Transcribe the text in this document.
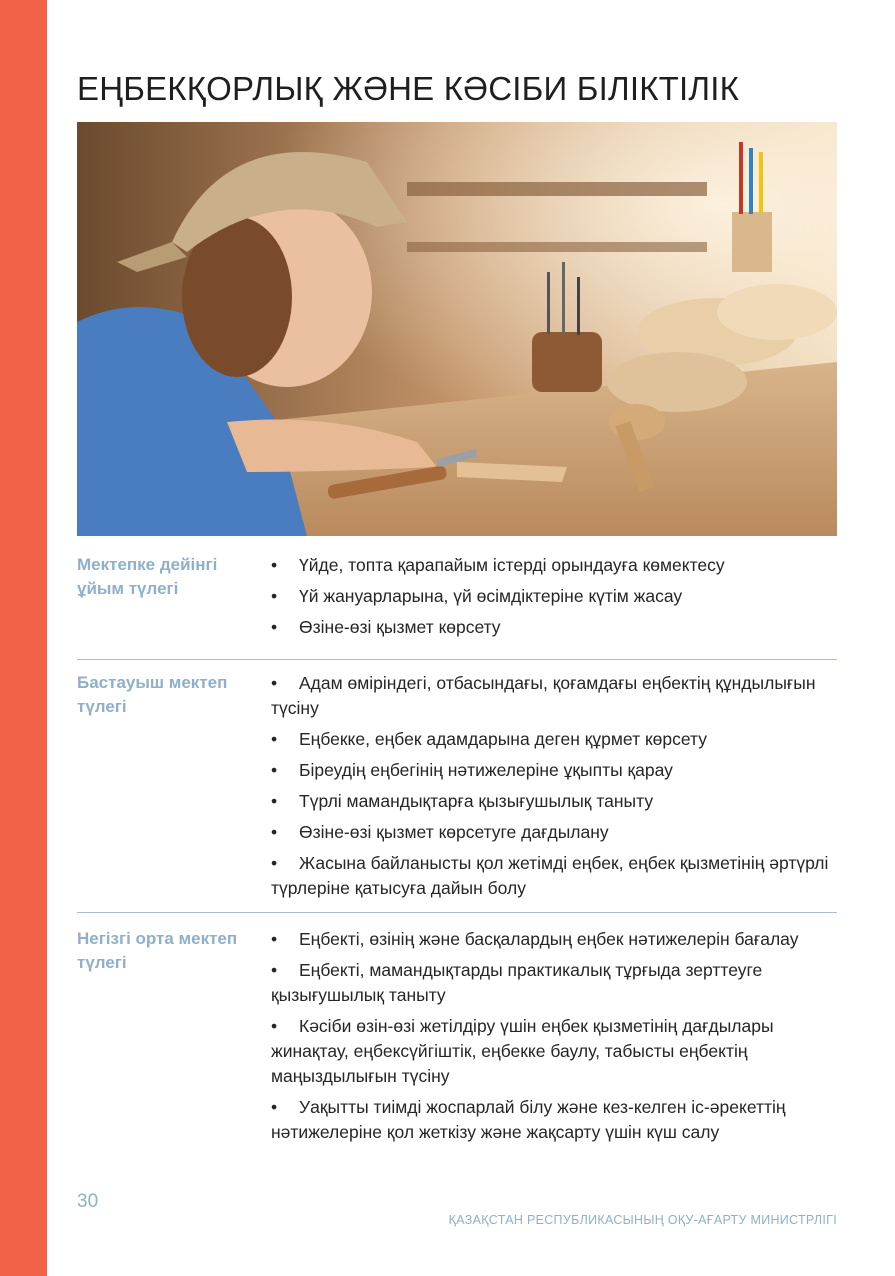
ЕҢБЕКҚОРЛЫҚ ЖӘНЕ КӘСІБИ БІЛІКТІЛІК
Мектепке дейінгі ұйым түлегі
• Үйде, топта қарапайым істерді орындауға көмектесу
• Үй жануарларына, үй өсімдіктеріне күтім жасау
• Өзіне-өзі қызмет көрсету
Бастауыш мектеп түлегі
• Адам өміріндегі, отбасындағы, қоғамдағы еңбектің құндылығын түсіну
• Еңбекке, еңбек адамдарына деген құрмет көрсету
• Біреудің еңбегінің нәтижелеріне ұқыпты қарау
• Түрлі мамандықтарға қызығушылық таныту
• Өзіне-өзі қызмет көрсетуге дағдылану
• Жасына байланысты қол жетімді еңбек, еңбек қызметінің әртүрлі түрлеріне қатысуға дайын болу
Негізгі орта мектеп түлегі
• Еңбекті, өзінің және басқалардың еңбек нәтижелерін бағалау
• Еңбекті, мамандықтарды практикалық тұрғыда зерттеуге қызығушылық таныту
• Кәсіби өзін-өзі жетілдіру үшін еңбек қызметінің дағдылары жинақтау, еңбексүйгіштік, еңбекке баулу, табысты еңбектің маңыздылығын түсіну
• Уақытты тиімді жоспарлай білу және кез-келген іс-әрекеттің нәтижелеріне қол жеткізу және жақсарту үшін күш салу
30
ҚАЗАҚСТАН РЕСПУБЛИКАСЫНЫҢ ОҚУ-АҒАРТУ МИНИСТРЛІГІ
